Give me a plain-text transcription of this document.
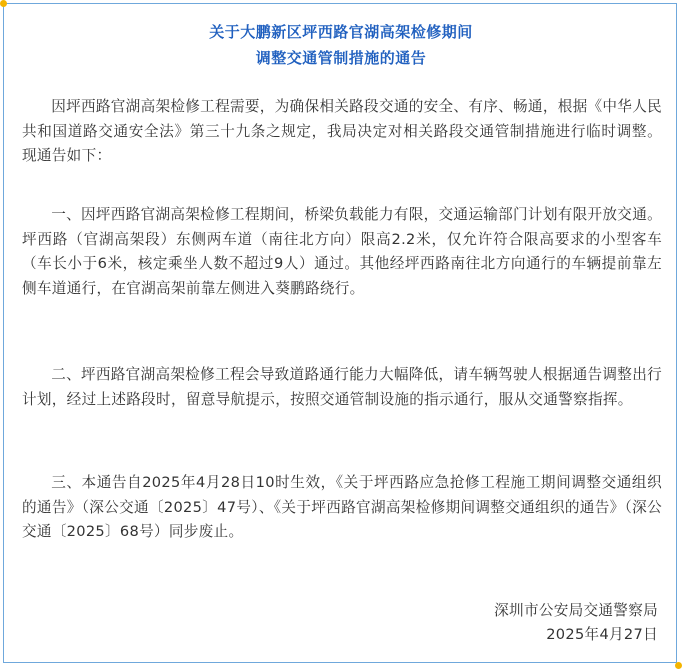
关于大鹏新区坪西路官湖高架检修期间
调整交通管制措施的通告

因坪西路官湖高架检修工程需要，为确保相关路段交通的安全、有序、畅通，根据《中华人民共和国道路交通安全法》第三十九条之规定，我局决定对相关路段交通管制措施进行临时调整。现通告如下：

一、因坪西路官湖高架检修工程期间，桥梁负载能力有限，交通运输部门计划有限开放交通。坪西路（官湖高架段）东侧两车道（南往北方向）限高2.2米，仅允许符合限高要求的小型客车（车长小于6米，核定乘坐人数不超过9人）通过。其他经坪西路南往北方向通行的车辆提前靠左侧车道通行，在官湖高架前靠左侧进入葵鹏路绕行。

二、坪西路官湖高架检修工程会导致道路通行能力大幅降低，请车辆驾驶人根据通告调整出行计划，经过上述路段时，留意导航提示，按照交通管制设施的指示通行，服从交通警察指挥。

三、本通告自2025年4月28日10时生效，《关于坪西路应急抢修工程施工期间调整交通组织的通告》（深公交通〔2025〕47号）、《关于坪西路官湖高架检修期间调整交通组织的通告》（深公交通〔2025〕68号）同步废止。

深圳市公安局交通警察局
2025年4月27日
